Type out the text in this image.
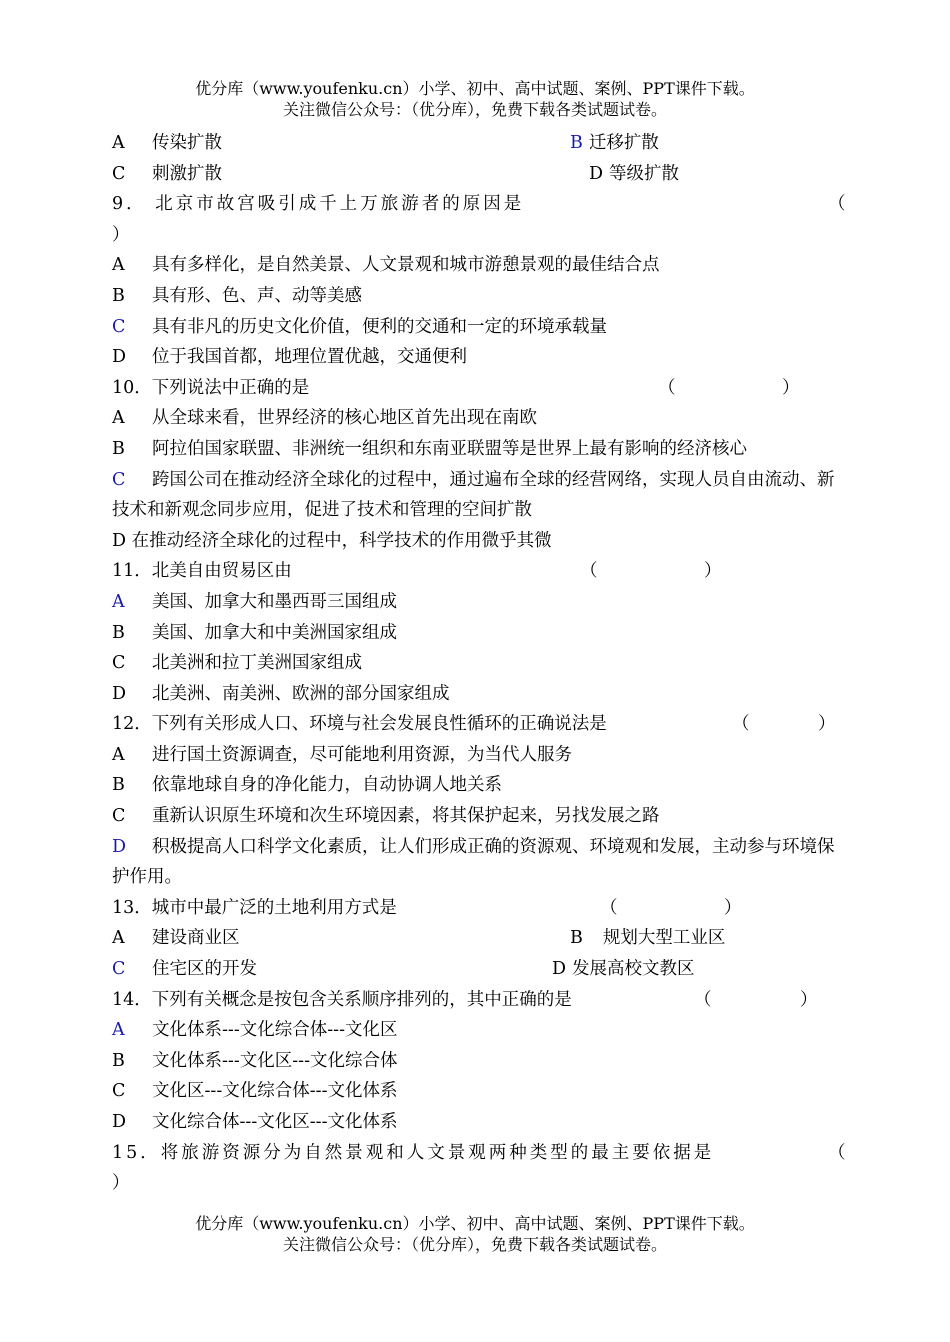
优分库（www.youfenku.cn）小学、初中、高中试题、案例、PPT课件下载。
关注微信公众号：（优分库），免费下载各类试题试卷。
A 传染扩散	B 迁移扩散
C 刺激扩散	D 等级扩散
9． 北京市故宫吸引成千上万旅游者的原因是	（
）
A 具有多样化，是自然美景、人文景观和城市游憩景观的最佳结合点
B 具有形、色、声、动等美感
C 具有非凡的历史文化价值，便利的交通和一定的环境承载量
D 位于我国首都，地理位置优越，交通便利
10．下列说法中正确的是	（	）
A 从全球来看，世界经济的核心地区首先出现在南欧
B 阿拉伯国家联盟、非洲统一组织和东南亚联盟等是世界上最有影响的经济核心
C 跨国公司在推动经济全球化的过程中，通过遍布全球的经营网络，实现人员自由流动、新技术和新观念同步应用，促进了技术和管理的空间扩散
D 在推动经济全球化的过程中，科学技术的作用微乎其微
11．北美自由贸易区由	（	）
A 美国、加拿大和墨西哥三国组成
B 美国、加拿大和中美洲国家组成
C 北美洲和拉丁美洲国家组成
D 北美洲、南美洲、欧洲的部分国家组成
12．下列有关形成人口、环境与社会发展良性循环的正确说法是	（	）
A 进行国土资源调查，尽可能地利用资源，为当代人服务
B 依靠地球自身的净化能力，自动协调人地关系
C 重新认识原生环境和次生环境因素，将其保护起来，另找发展之路
D 积极提高人口科学文化素质，让人们形成正确的资源观、环境观和发展，主动参与环境保护作用。
13．城市中最广泛的土地利用方式是	（	）
A 建设商业区	B 规划大型工业区
C 住宅区的开发	D 发展高校文教区
14．下列有关概念是按包含关系顺序排列的，其中正确的是	（	）
A 文化体系---文化综合体---文化区
B 文化体系---文化区---文化综合体
C 文化区---文化综合体---文化体系
D 文化综合体---文化区---文化体系
15．将旅游资源分为自然景观和人文景观两种类型的最主要依据是	（
）
优分库（www.youfenku.cn）小学、初中、高中试题、案例、PPT课件下载。
关注微信公众号：（优分库），免费下载各类试题试卷。
